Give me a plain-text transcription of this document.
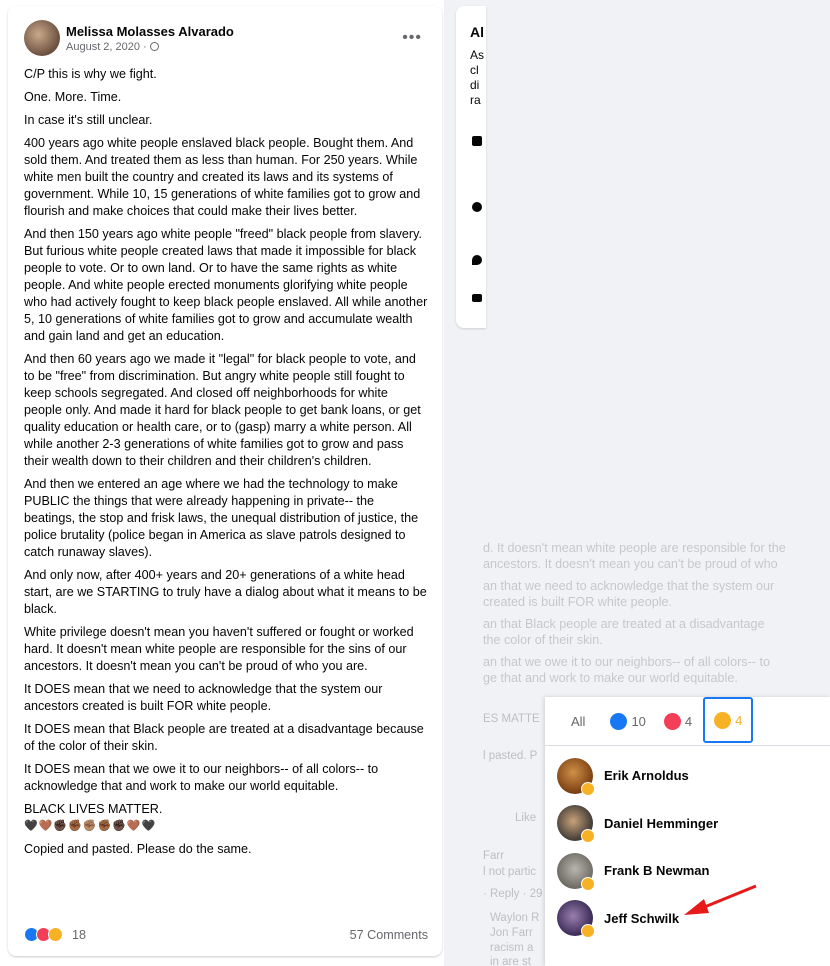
Al
As
cl
di
ra
d. It doesn't mean white people are responsible for the

ancestors. It doesn't mean you can't be proud of who

an that we need to acknowledge that the system our

created is built FOR white people.

an that Black people are treated at a disadvantage

the color of their skin.

an that we owe it to our neighbors-- of all colors-- to
ge that and work to make our world equitable.
ES MATTE
l pasted. P
Like
Farr
l not partic
· Reply · 29
Waylon R
Jon Farr
racism a
in are st
Melissa Molasses Alvarado
August 2, 2020 ·
•••

C/P this is why we fight.

One. More. Time.

In case it's still unclear.

400 years ago white people enslaved black people. Bought them. And sold them. And treated them as less than human. For 250 years. While white men built the country and created its laws and its systems of government. While 10, 15 generations of white families got to grow and flourish and make choices that could make their lives better.

And then 150 years ago white people "freed" black people from slavery. But furious white people created laws that made it impossible for black people to vote. Or to own land. Or to have the same rights as white people. And white people erected monuments glorifying white people who had actively fought to keep black people enslaved. All while another 5, 10 generations of white families got to grow and accumulate wealth and gain land and get an education.

And then 60 years ago we made it "legal" for black people to vote, and to be "free" from discrimination. But angry white people still fought to keep schools segregated. And closed off neighborhoods for white people only. And made it hard for black people to get bank loans, or get quality education or health care, or to (gasp) marry a white person. All while another 2-3 generations of white families got to grow and pass their wealth down to their children and their children's children.

And then we entered an age where we had the technology to make PUBLIC the things that were already happening in private-- the beatings, the stop and frisk laws, the unequal distribution of justice, the police brutality (police began in America as slave patrols designed to catch runaway slaves).

And only now, after 400+ years and 20+ generations of a white head start, are we STARTING to truly have a dialog about what it means to be black.

White privilege doesn't mean you haven't suffered or fought or worked hard. It doesn't mean white people are responsible for the sins of our ancestors. It doesn't mean you can't be proud of who you are.

It DOES mean that we need to acknowledge that the system our ancestors created is built FOR white people.

It DOES mean that Black people are treated at a disadvantage because of the color of their skin.

It DOES mean that we owe it to our neighbors-- of all colors-- to acknowledge that and work to make our world equitable.

BLACK LIVES MATTER.
🖤🤎✊🏿✊🏾✊🏽✊🏾✊🏿🤎🖤

Copied and pasted. Please do the same.

18	57 Comments
All	10	4	4
Erik Arnoldus
Daniel Hemminger
Frank B Newman
Jeff Schwilk
